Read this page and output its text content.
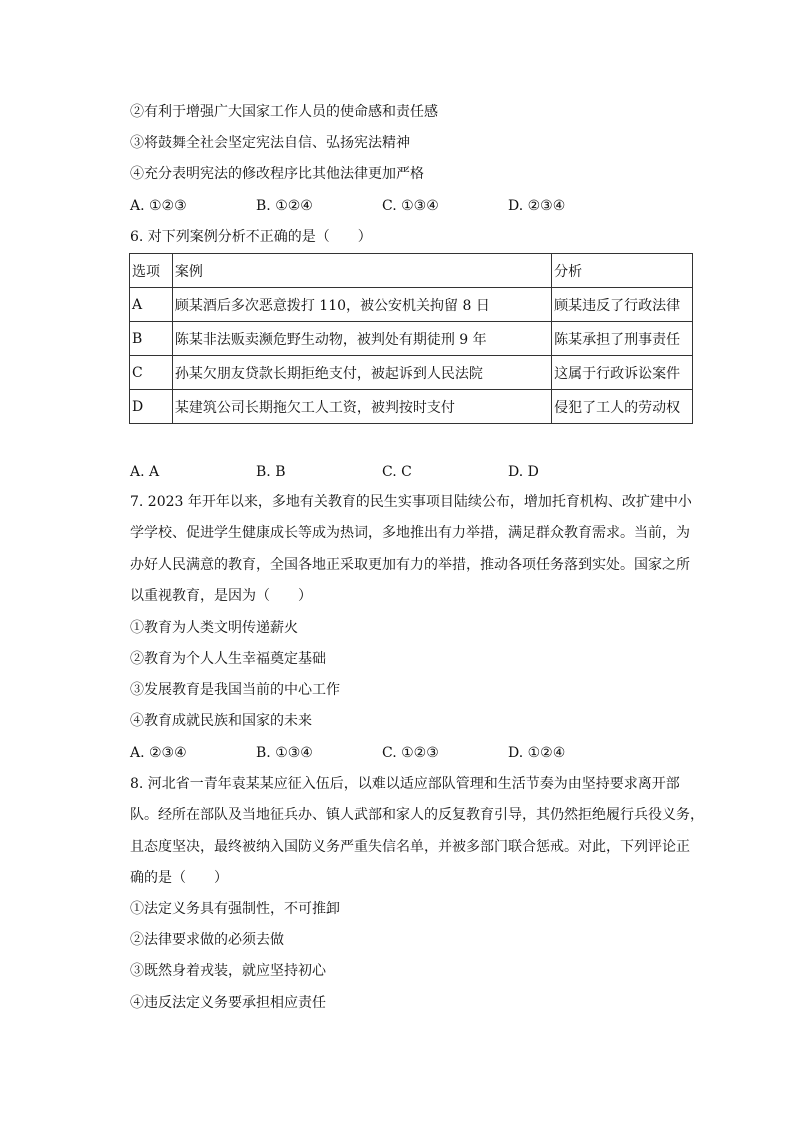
②有利于增强广大国家工作人员的使命感和责任感
③将鼓舞全社会坚定宪法自信、弘扬宪法精神
④充分表明宪法的修改程序比其他法律更加严格
A. ①②③	B. ①②④	C. ①③④	D. ②③④
6. 对下列案例分析不正确的是（　　）
选项	案例	分析
A	顾某酒后多次恶意拨打 110，被公安机关拘留 8 日	顾某违反了行政法律
B	陈某非法贩卖濒危野生动物，被判处有期徒刑 9 年	陈某承担了刑事责任
C	孙某欠朋友贷款长期拒绝支付，被起诉到人民法院	这属于行政诉讼案件
D	某建筑公司长期拖欠工人工资，被判按时支付	侵犯了工人的劳动权
A. A	B. B	C. C	D. D
7. 2023 年开年以来，多地有关教育的民生实事项目陆续公布，增加托育机构、改扩建中小
学学校、促进学生健康成长等成为热词，多地推出有力举措，满足群众教育需求。当前，为
办好人民满意的教育，全国各地正采取更加有力的举措，推动各项任务落到实处。国家之所
以重视教育，是因为（　　）
①教育为人类文明传递薪火
②教育为个人人生幸福奠定基础
③发展教育是我国当前的中心工作
④教育成就民族和国家的未来
A. ②③④	B. ①③④	C. ①②③	D. ①②④
8. 河北省一青年袁某某应征入伍后，以难以适应部队管理和生活节奏为由坚持要求离开部
队。经所在部队及当地征兵办、镇人武部和家人的反复教育引导，其仍然拒绝履行兵役义务，
且态度坚决，最终被纳入国防义务严重失信名单，并被多部门联合惩戒。对此，下列评论正
确的是（　　）
①法定义务具有强制性，不可推卸
②法律要求做的必须去做
③既然身着戎装，就应坚持初心
④违反法定义务要承担相应责任
